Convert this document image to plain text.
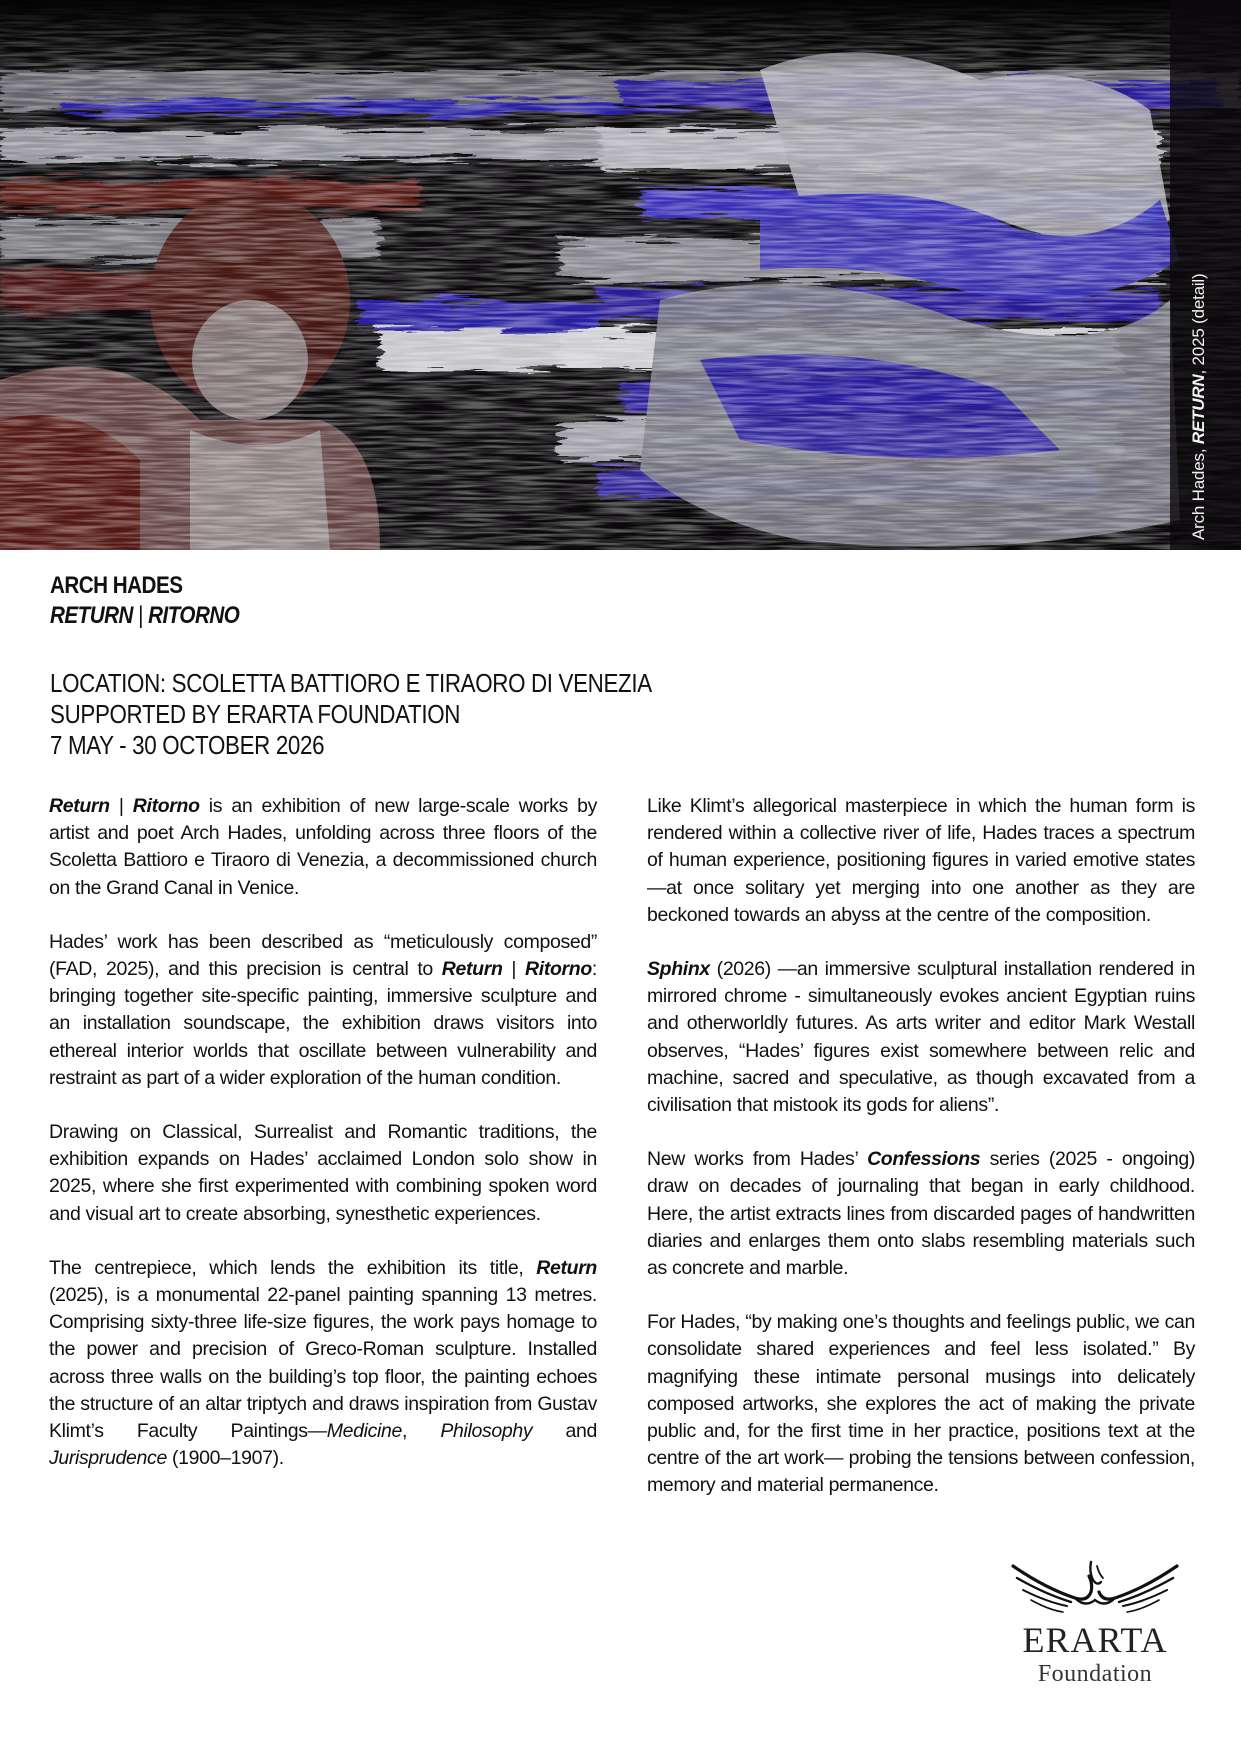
Arch Hades, RETURN, 2025 (detail)
ARCH HADES
RETURN | RITORNO
LOCATION: SCOLETTA BATTIORO E TIRAORO DI VENEZIA
SUPPORTED BY ERARTA FOUNDATION
7 MAY - 30 OCTOBER 2026

Return | Ritorno is an exhibition of new large-scale works by artist and poet Arch Hades, unfolding across three floors of the Scoletta Battioro e Tiraoro di Venezia, a decommissioned church on the Grand Canal in Venice.

Hades’ work has been described as “meticulously composed” (FAD, 2025), and this precision is central to Return | Ritorno: bringing together site-specific painting, immersive sculpture and an installation soundscape, the exhibition draws visitors into ethereal interior worlds that oscillate between vulnerability and restraint as part of a wider exploration of the human condition.

Drawing on Classical, Surrealist and Romantic traditions, the exhibition expands on Hades’ acclaimed London solo show in 2025, where she first experimented with combining spoken word and visual art to create absorbing, synesthetic experiences.

The centrepiece, which lends the exhibition its title, Return (2025), is a monumental 22-panel painting spanning 13 metres. Comprising sixty-three life-size figures, the work pays homage to the power and precision of Greco-Roman sculpture. Installed across three walls on the building’s top floor, the painting echoes the structure of an altar triptych and draws inspiration from Gustav Klimt’s Faculty Paintings—Medicine, Philosophy and Jurisprudence (1900–1907).

Like Klimt’s allegorical masterpiece in which the human form is rendered within a collective river of life, Hades traces a spectrum of human experience, positioning figures in varied emotive states—at once solitary yet merging into one another as they are beckoned towards an abyss at the centre of the composition.

Sphinx (2026) —an immersive sculptural installation rendered in mirrored chrome - simultaneously evokes ancient Egyptian ruins and otherworldly futures. As arts writer and editor Mark Westall observes, “Hades’ figures exist somewhere between relic and machine, sacred and speculative, as though excavated from a civilisation that mistook its gods for aliens”.

New works from Hades’ Confessions series (2025 - ongoing) draw on decades of journaling that began in early childhood. Here, the artist extracts lines from discarded pages of handwritten diaries and enlarges them onto slabs resembling materials such as concrete and marble.

For Hades, “by making one’s thoughts and feelings public, we can consolidate shared experiences and feel less isolated.” By magnifying these intimate personal musings into delicately composed artworks, she explores the act of making the private public and, for the first time in her practice, positions text at the centre of the art work— probing the tensions between confession, memory and material permanence.

ERARTA
Foundation
